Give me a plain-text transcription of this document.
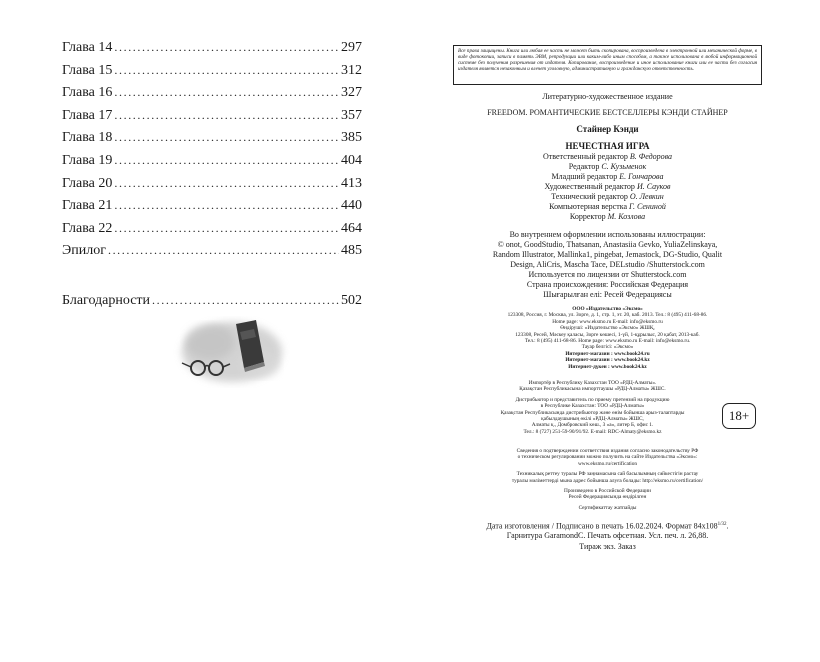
Глава 14 .....	297
Глава 15 .....	312
Глава 16 .....	327
Глава 17 .....	357
Глава 18 .....	385
Глава 19 .....	404
Глава 20 .....	413
Глава 21 .....	440
Глава 22 .....	464
Эпилог .....	485
Благодарности .....	502
Все права защищены. Книга или любая ее часть не может быть скопирована, воспроизведена в электронной или механической форме, в виде фотокопии, записи в память ЭВМ, репродукции или каким-либо иным способом, а также использована в любой информационной системе без получения разрешения от издателя. Копирование, воспроизведение и иное использование книги или ее части без согласия издателя является незаконным и влечет уголовную, административную и гражданскую ответственность.
Литературно-художественное издание
FREEDOM. РОМАНТИЧЕСКИЕ БЕСТСЕЛЛЕРЫ КЭНДИ СТАЙНЕР
Стайнер Кэнди
НЕЧЕСТНАЯ ИГРА
Ответственный редактор В. Федорова
Редактор С. Кузьменок
Младший редактор Е. Гончарова
Художественный редактор И. Сауков
Технический редактор О. Левкин
Компьютерная верстка Г. Сениной
Корректор М. Козлова
Во внутреннем оформлении использованы иллюстрации:
© onot, GoodStudio, Thatsanan, Anastasiia Gevko, YuliaZelinskaya,
Random Illustrator, Mallinka1, pingebat, Jemastock, DG-Studio, Qualit
Design, AliCris, Mascha Tace, DELstudio /Shutterstock.com
Используется по лицензии от Shutterstock.com
Страна происхождения: Российская Федерация
Шығарылған елі: Ресей Федерациясы
ООО «Издательство «Эксмо»
123308, Россия, г. Москва, ул. Зорге, д. 1, стр. 1, эт. 20, каб. 2013. Тел.: 8 (495) 411-68-86.
Home page: www.eksmo.ru E-mail: info@eksmo.ru
Өндіруші: «Издательство «Эксмо» ЖШҚ,
123308, Ресей, Мәскеу қаласы, Зорге көшесі, 1-үй, 1-құрылыс, 20 қабат, 2013-каб.
Тел.: 8 (495) 411-68-86. Home page: www.eksmo.ru E-mail: info@eksmo.ru.
Тауар белгісі: «Эксмо»
Интернет-магазин : www.book24.ru
Интернет-магазин : www.book24.kz
Интернет-дүкен : www.book24.kz
Импортёр в Республику Казахстан ТОО «РДЦ-Алматы».
Қазақстан Республикасына импорттаушы «РДЦ-Алматы» ЖШС.
Дистрибьютор и представитель по приему претензий на продукцию
в Республике Казахстан: ТОО «РДЦ-Алматы»
Қазақстан Республикасында дистрибьютор және өнім бойынша арыз-талаптарды
қабылдаушының өкілі «РДЦ-Алматы» ЖШС,
Алматы қ., Домбровский көш., 3 «а», литер Б, офис 1.
Тел.: 8 (727) 251-59-90/91/92. E-mail: RDC-Almaty@eksmo.kz
18+
Сведения о подтверждении соответствия издания согласно законодательству РФ
о техническом регулировании можно получить на сайте Издательства «Эксмо»:
www.eksmo.ru/certification
Техникалық реттеу туралы РФ заңнамасына сай басылымның сәйкестігін растау
туралы мәліметтерді мына адрес бойынша алуға болады: http://eksmo.ru/certification/
Произведено в Российской Федерации
Ресей Федерациясында өндірілген
Сертификаттау жатпайды
Дата изготовления / Подписано в печать 16.02.2024. Формат $84x108^{1/32}$.
Гарнитура GaramondC. Печать офсетная. Усл. печ. л. 26,88.
Тираж экз. Заказ
